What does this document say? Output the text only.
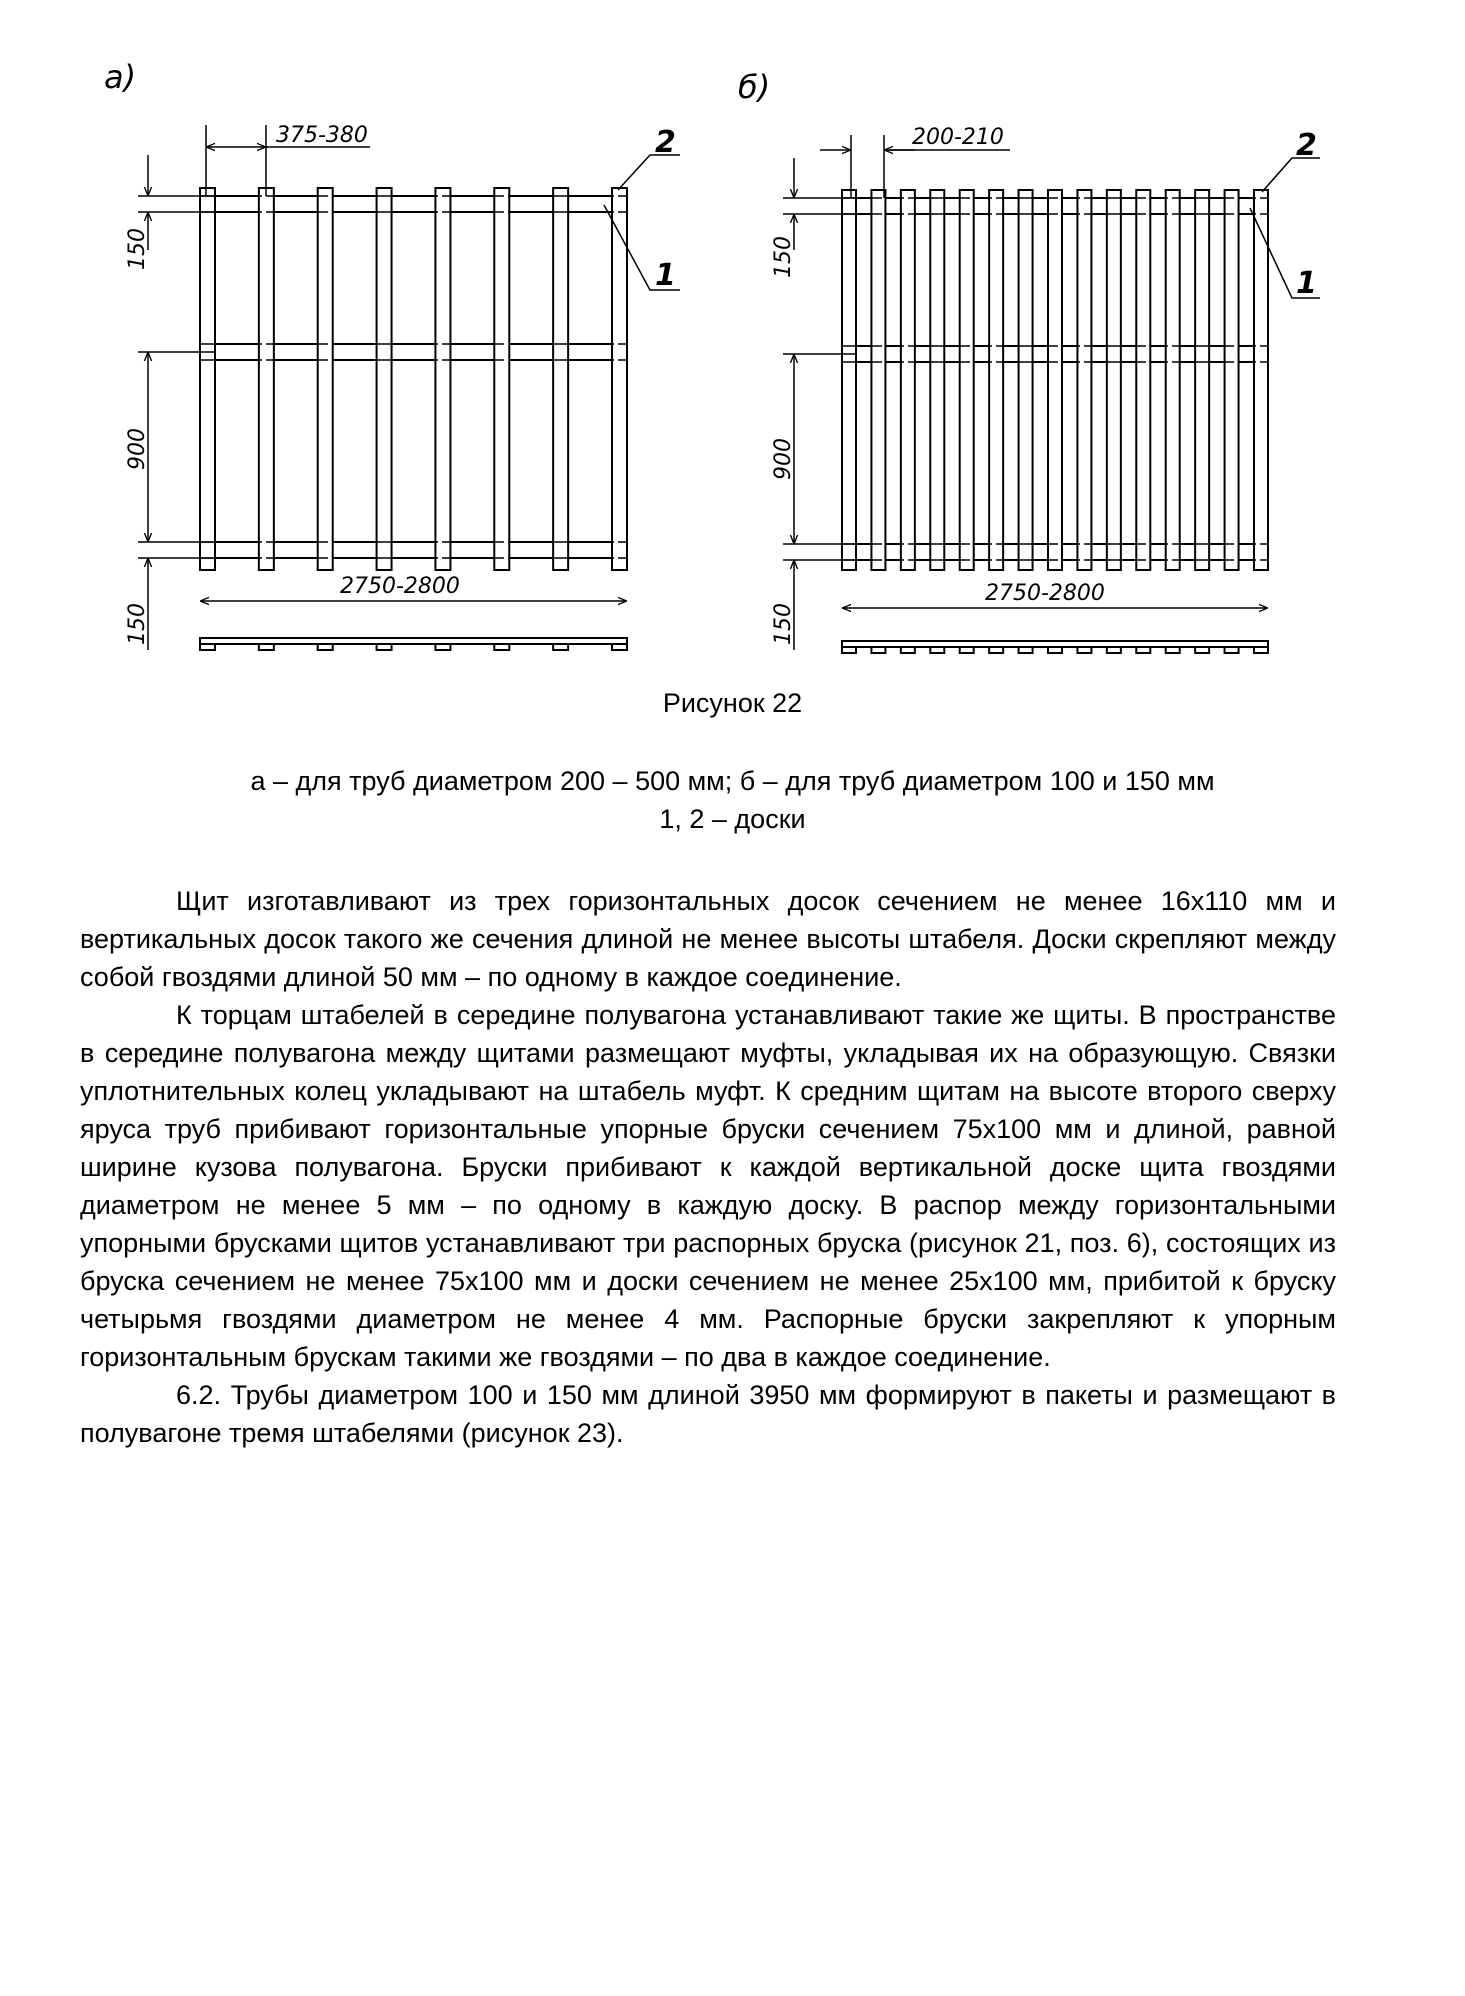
а)
375-380
150
900
150
2750-2800
2
1
б)
200-210
150
900
150
2750-2800
2
1
Рисунок 22
а – для труб диаметром 200 – 500 мм; б – для труб диаметром 100 и 150 мм
1, 2 – доски

Щит изготавливают из трех горизонтальных досок сечением не менее 16х110 мм и вертикальных досок такого же сечения длиной не менее высоты штабеля. Доски скрепляют между собой гвоздями длиной 50 мм – по одному в каждое соединение.

К торцам штабелей в середине полувагона устанавливают такие же щиты. В пространстве в середине полувагона между щитами размещают муфты, укладывая их на образующую. Связки уплотнительных колец укладывают на штабель муфт. К средним щитам на высоте второго сверху яруса труб прибивают горизонтальные упорные бруски сечением 75х100 мм и длиной, равной ширине кузова полувагона. Бруски прибивают к каждой вертикальной доске щита гвоздями диаметром не менее 5 мм – по одному в каждую доску. В распор между горизонтальными упорными брусками щитов устанавливают три распорных бруска (рисунок 21, поз. 6), состоящих из бруска сечением не менее 75х100 мм и доски сечением не менее 25х100 мм, прибитой к бруску четырьмя гвоздями диаметром не менее 4 мм. Распорные бруски закрепляют к упорным горизонтальным брускам такими же гвоздями – по два в каждое соединение.

6.2. Трубы диаметром 100 и 150 мм длиной 3950 мм формируют в пакеты и размещают в полувагоне тремя штабелями (рисунок 23).
